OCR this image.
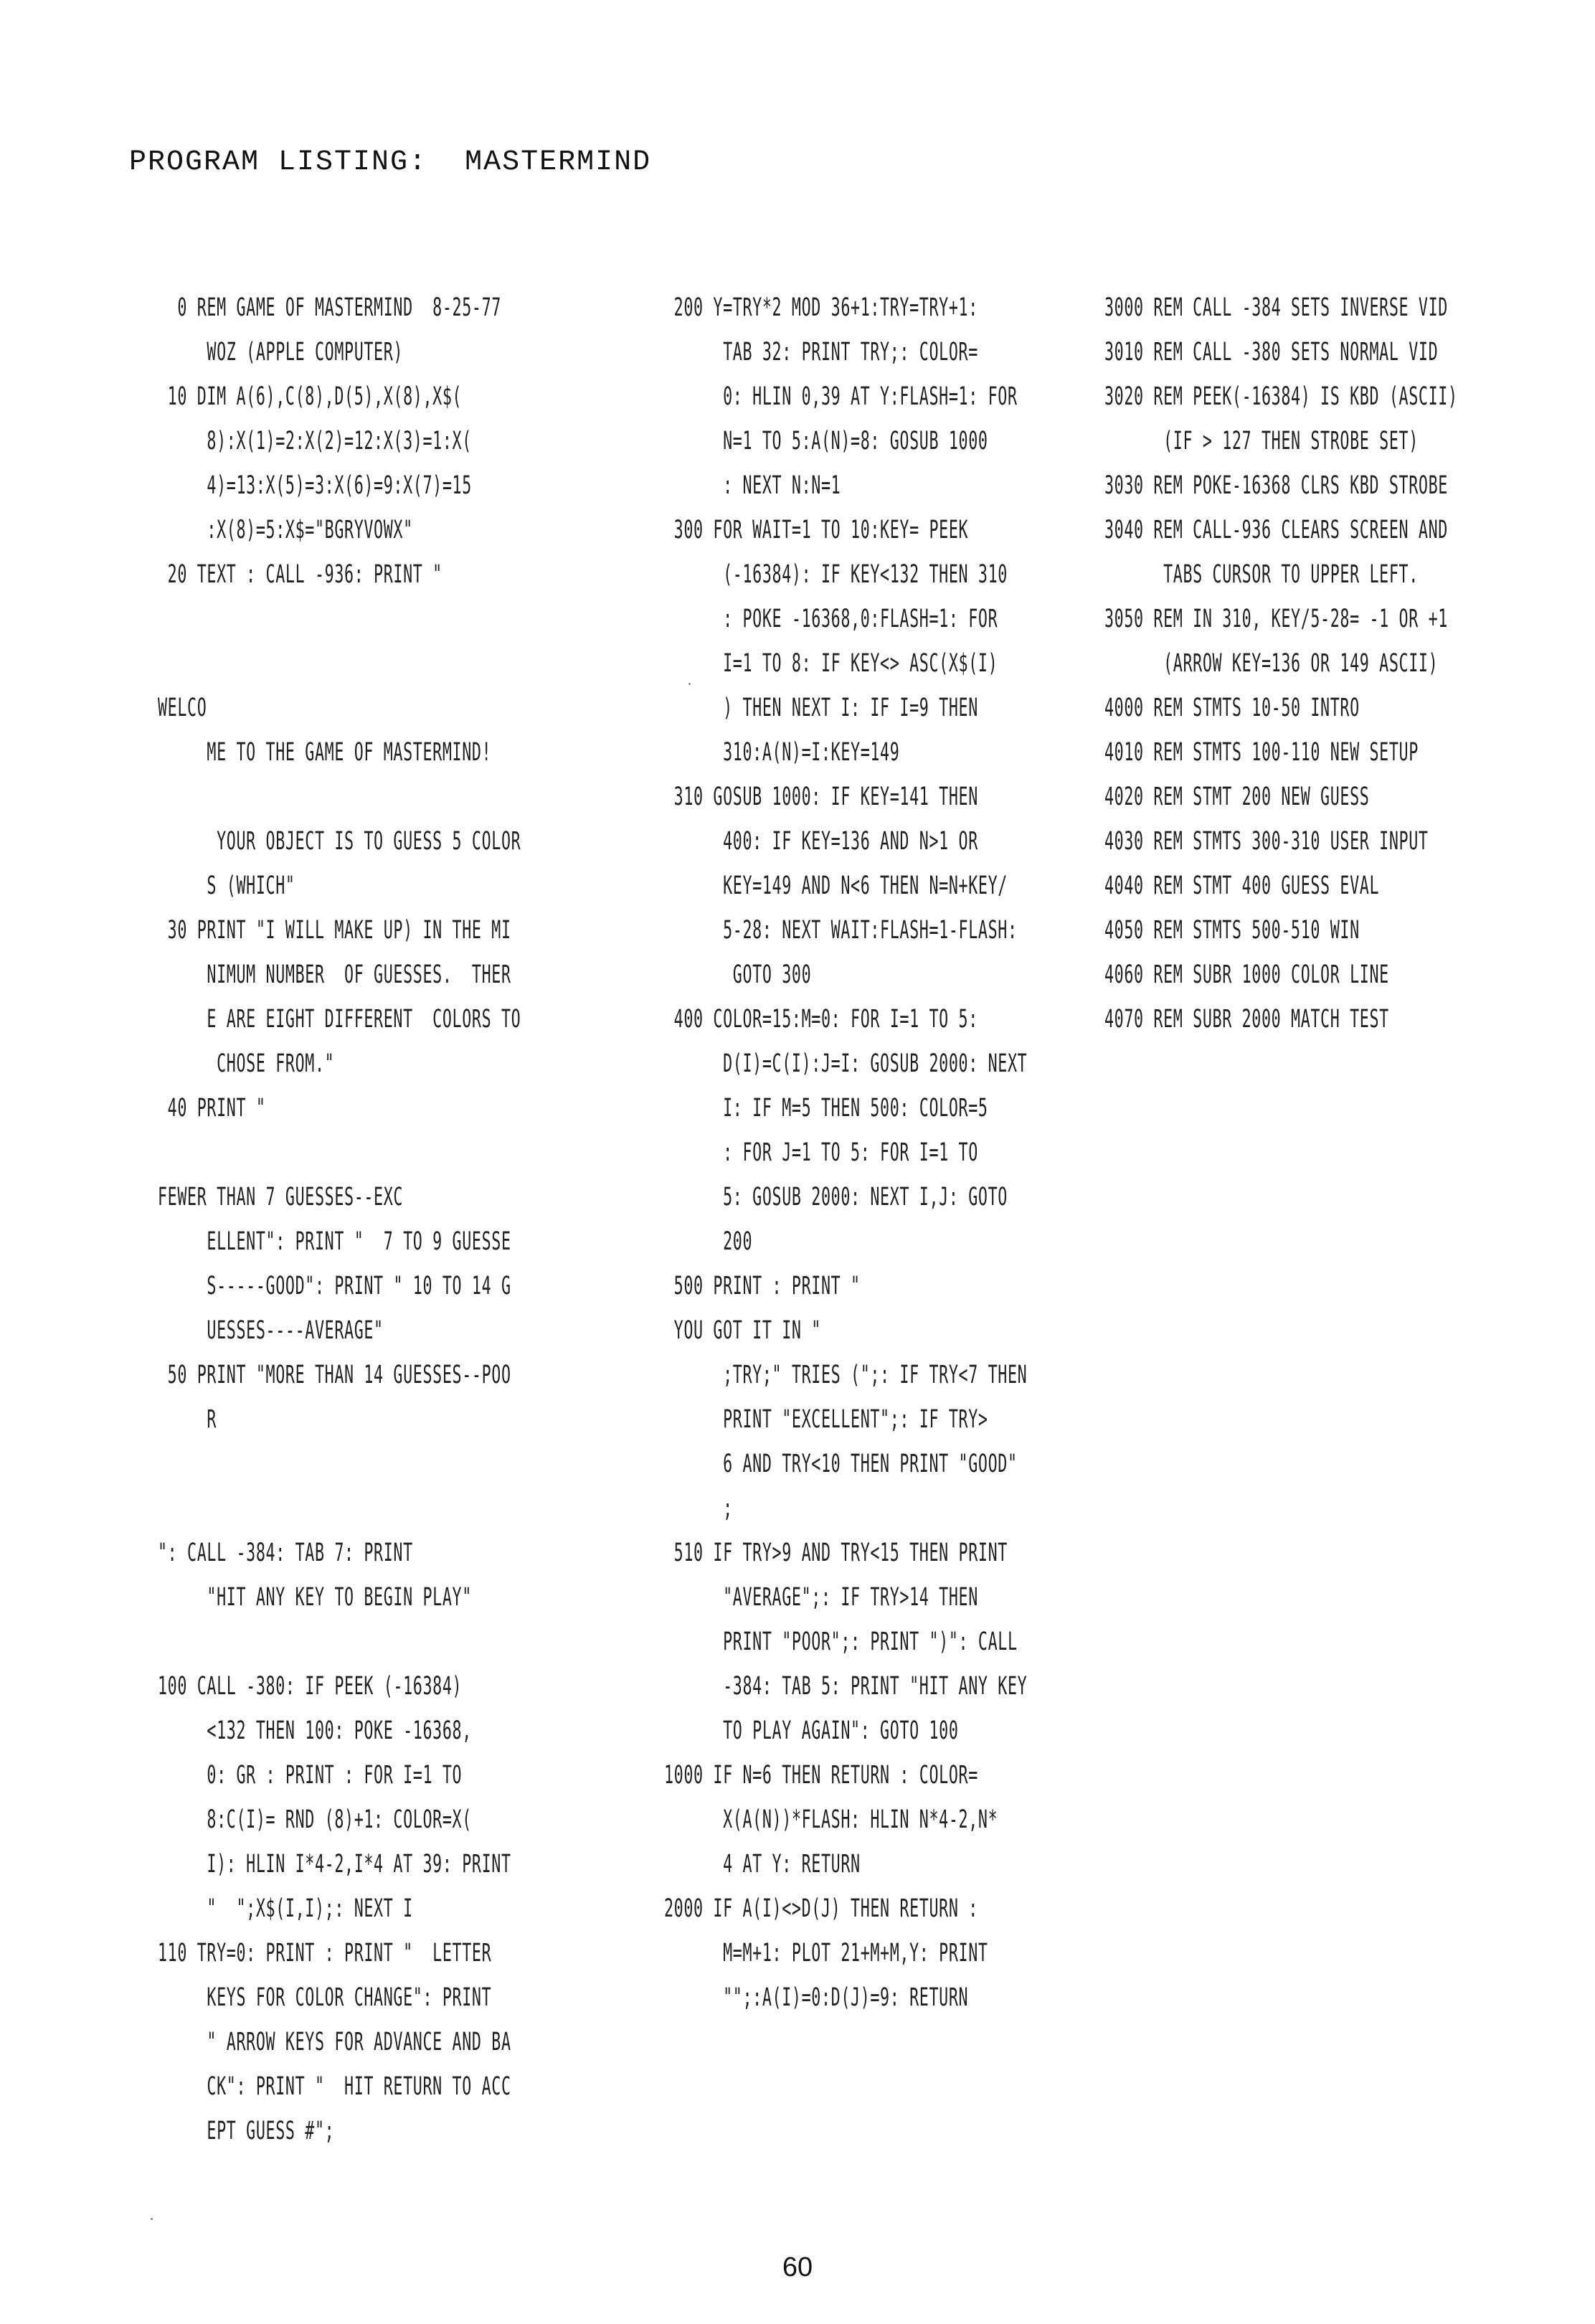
PROGRAM LISTING:  MASTERMIND
0 REM GAME OF MASTERMIND  8-25-77
WOZ (APPLE COMPUTER)
10 DIM A(6),C(8),D(5),X(8),X$(
8):X(1)=2:X(2)=12:X(3)=1:X(
4)=13:X(5)=3:X(6)=9:X(7)=15
:X(8)=5:X$="BGRYVOWX"
20 TEXT : CALL -936: PRINT "
WELCO
ME TO THE GAME OF MASTERMIND!
YOUR OBJECT IS TO GUESS 5 COLOR
S (WHICH"
30 PRINT "I WILL MAKE UP) IN THE MI
NIMUM NUMBER  OF GUESSES.  THER
E ARE EIGHT DIFFERENT  COLORS TO
CHOSE FROM."
40 PRINT "
FEWER THAN 7 GUESSES--EXC
ELLENT": PRINT "  7 TO 9 GUESSE
S-----GOOD": PRINT " 10 TO 14 G
UESSES----AVERAGE"
50 PRINT "MORE THAN 14 GUESSES--POO
R
": CALL -384: TAB 7: PRINT
"HIT ANY KEY TO BEGIN PLAY"
100 CALL -380: IF PEEK (-16384)
<132 THEN 100: POKE -16368,
0: GR : PRINT : FOR I=1 TO
8:C(I)= RND (8)+1: COLOR=X(
I): HLIN I*4-2,I*4 AT 39: PRINT
"  ";X$(I,I);: NEXT I
110 TRY=0: PRINT : PRINT "  LETTER
KEYS FOR COLOR CHANGE": PRINT
" ARROW KEYS FOR ADVANCE AND BA
CK": PRINT "  HIT RETURN TO ACC
EPT GUESS #";
200 Y=TRY*2 MOD 36+1:TRY=TRY+1:
TAB 32: PRINT TRY;: COLOR=
0: HLIN 0,39 AT Y:FLASH=1: FOR
N=1 TO 5:A(N)=8: GOSUB 1000
: NEXT N:N=1
300 FOR WAIT=1 TO 10:KEY= PEEK
(-16384): IF KEY<132 THEN 310
: POKE -16368,0:FLASH=1: FOR
I=1 TO 8: IF KEY<> ASC(X$(I)
) THEN NEXT I: IF I=9 THEN
310:A(N)=I:KEY=149
310 GOSUB 1000: IF KEY=141 THEN
400: IF KEY=136 AND N>1 OR
KEY=149 AND N<6 THEN N=N+KEY/
5-28: NEXT WAIT:FLASH=1-FLASH:
GOTO 300
400 COLOR=15:M=0: FOR I=1 TO 5:
D(I)=C(I):J=I: GOSUB 2000: NEXT
I: IF M=5 THEN 500: COLOR=5
: FOR J=1 TO 5: FOR I=1 TO
5: GOSUB 2000: NEXT I,J: GOTO
200
500 PRINT : PRINT "
YOU GOT IT IN "
;TRY;" TRIES (";: IF TRY<7 THEN
PRINT "EXCELLENT";: IF TRY>
6 AND TRY<10 THEN PRINT "GOOD"
;
510 IF TRY>9 AND TRY<15 THEN PRINT
"AVERAGE";: IF TRY>14 THEN
PRINT "POOR";: PRINT ")": CALL
-384: TAB 5: PRINT "HIT ANY KEY
TO PLAY AGAIN": GOTO 100
1000 IF N=6 THEN RETURN : COLOR=
X(A(N))*FLASH: HLIN N*4-2,N*
4 AT Y: RETURN
2000 IF A(I)<>D(J) THEN RETURN :
M=M+1: PLOT 21+M+M,Y: PRINT
"";:A(I)=0:D(J)=9: RETURN
3000 REM CALL -384 SETS INVERSE VID
3010 REM CALL -380 SETS NORMAL VID
3020 REM PEEK(-16384) IS KBD (ASCII)
(IF > 127 THEN STROBE SET)
3030 REM POKE-16368 CLRS KBD STROBE
3040 REM CALL-936 CLEARS SCREEN AND
TABS CURSOR TO UPPER LEFT.
3050 REM IN 310, KEY/5-28= -1 OR +1
(ARROW KEY=136 OR 149 ASCII)
4000 REM STMTS 10-50 INTRO
4010 REM STMTS 100-110 NEW SETUP
4020 REM STMT 200 NEW GUESS
4030 REM STMTS 300-310 USER INPUT
4040 REM STMT 400 GUESS EVAL
4050 REM STMTS 500-510 WIN
4060 REM SUBR 1000 COLOR LINE
4070 REM SUBR 2000 MATCH TEST
60
